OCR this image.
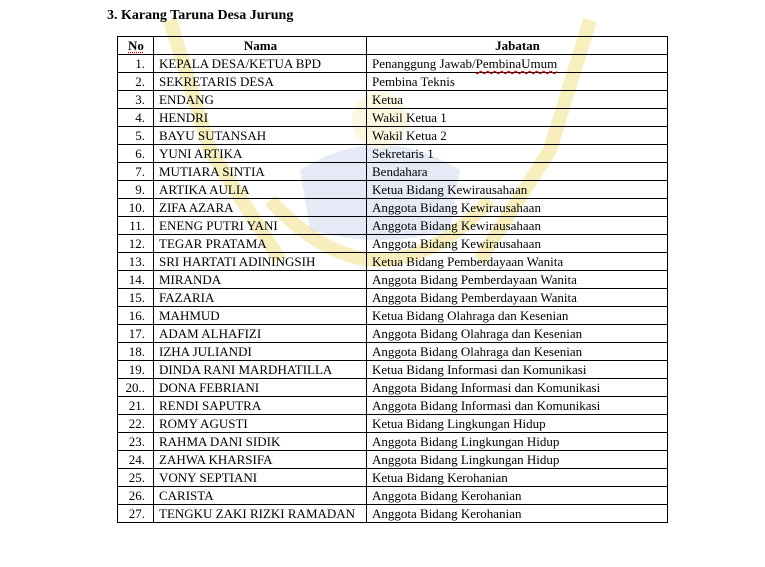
3. Karang Taruna Desa Jurung
No	Nama	Jabatan
1.	KEPALA DESA/KETUA BPD	Penanggung Jawab/PembinaUmum
2.	SEKRETARIS DESA	Pembina Teknis
3.	ENDANG	Ketua
4.	HENDRI	Wakil Ketua 1
5.	BAYU SUTANSAH	Wakil Ketua 2
6.	YUNI ARTIKA	Sekretaris 1
7.	MUTIARA SINTIA	Bendahara
9.	ARTIKA AULIA	Ketua Bidang Kewirausahaan
10.	ZIFA AZARA	Anggota Bidang Kewirausahaan
11.	ENENG PUTRI YANI	Anggota Bidang Kewirausahaan
12.	TEGAR PRATAMA	Anggota Bidang Kewirausahaan
13.	SRI HARTATI ADININGSIH	Ketua Bidang Pemberdayaan Wanita
14.	MIRANDA	Anggota Bidang Pemberdayaan Wanita
15.	FAZARIA	Anggota Bidang Pemberdayaan Wanita
16.	MAHMUD	Ketua Bidang Olahraga dan Kesenian
17.	ADAM ALHAFIZI	Anggota Bidang Olahraga dan Kesenian
18.	IZHA JULIANDI	Anggota Bidang Olahraga dan Kesenian
19.	DINDA RANI MARDHATILLA	Ketua Bidang Informasi dan Komunikasi
20..	DONA FEBRIANI	Anggota Bidang Informasi dan Komunikasi
21.	RENDI SAPUTRA	Anggota Bidang Informasi dan Komunikasi
22.	ROMY AGUSTI	Ketua Bidang Lingkungan Hidup
23.	RAHMA DANI SIDIK	Anggota Bidang Lingkungan Hidup
24.	ZAHWA KHARSIFA	Anggota Bidang Lingkungan Hidup
25.	VONY SEPTIANI	Ketua Bidang Kerohanian
26.	CARISTA	Anggota Bidang Kerohanian
27.	TENGKU ZAKI RIZKI RAMADAN	Anggota Bidang Kerohanian
